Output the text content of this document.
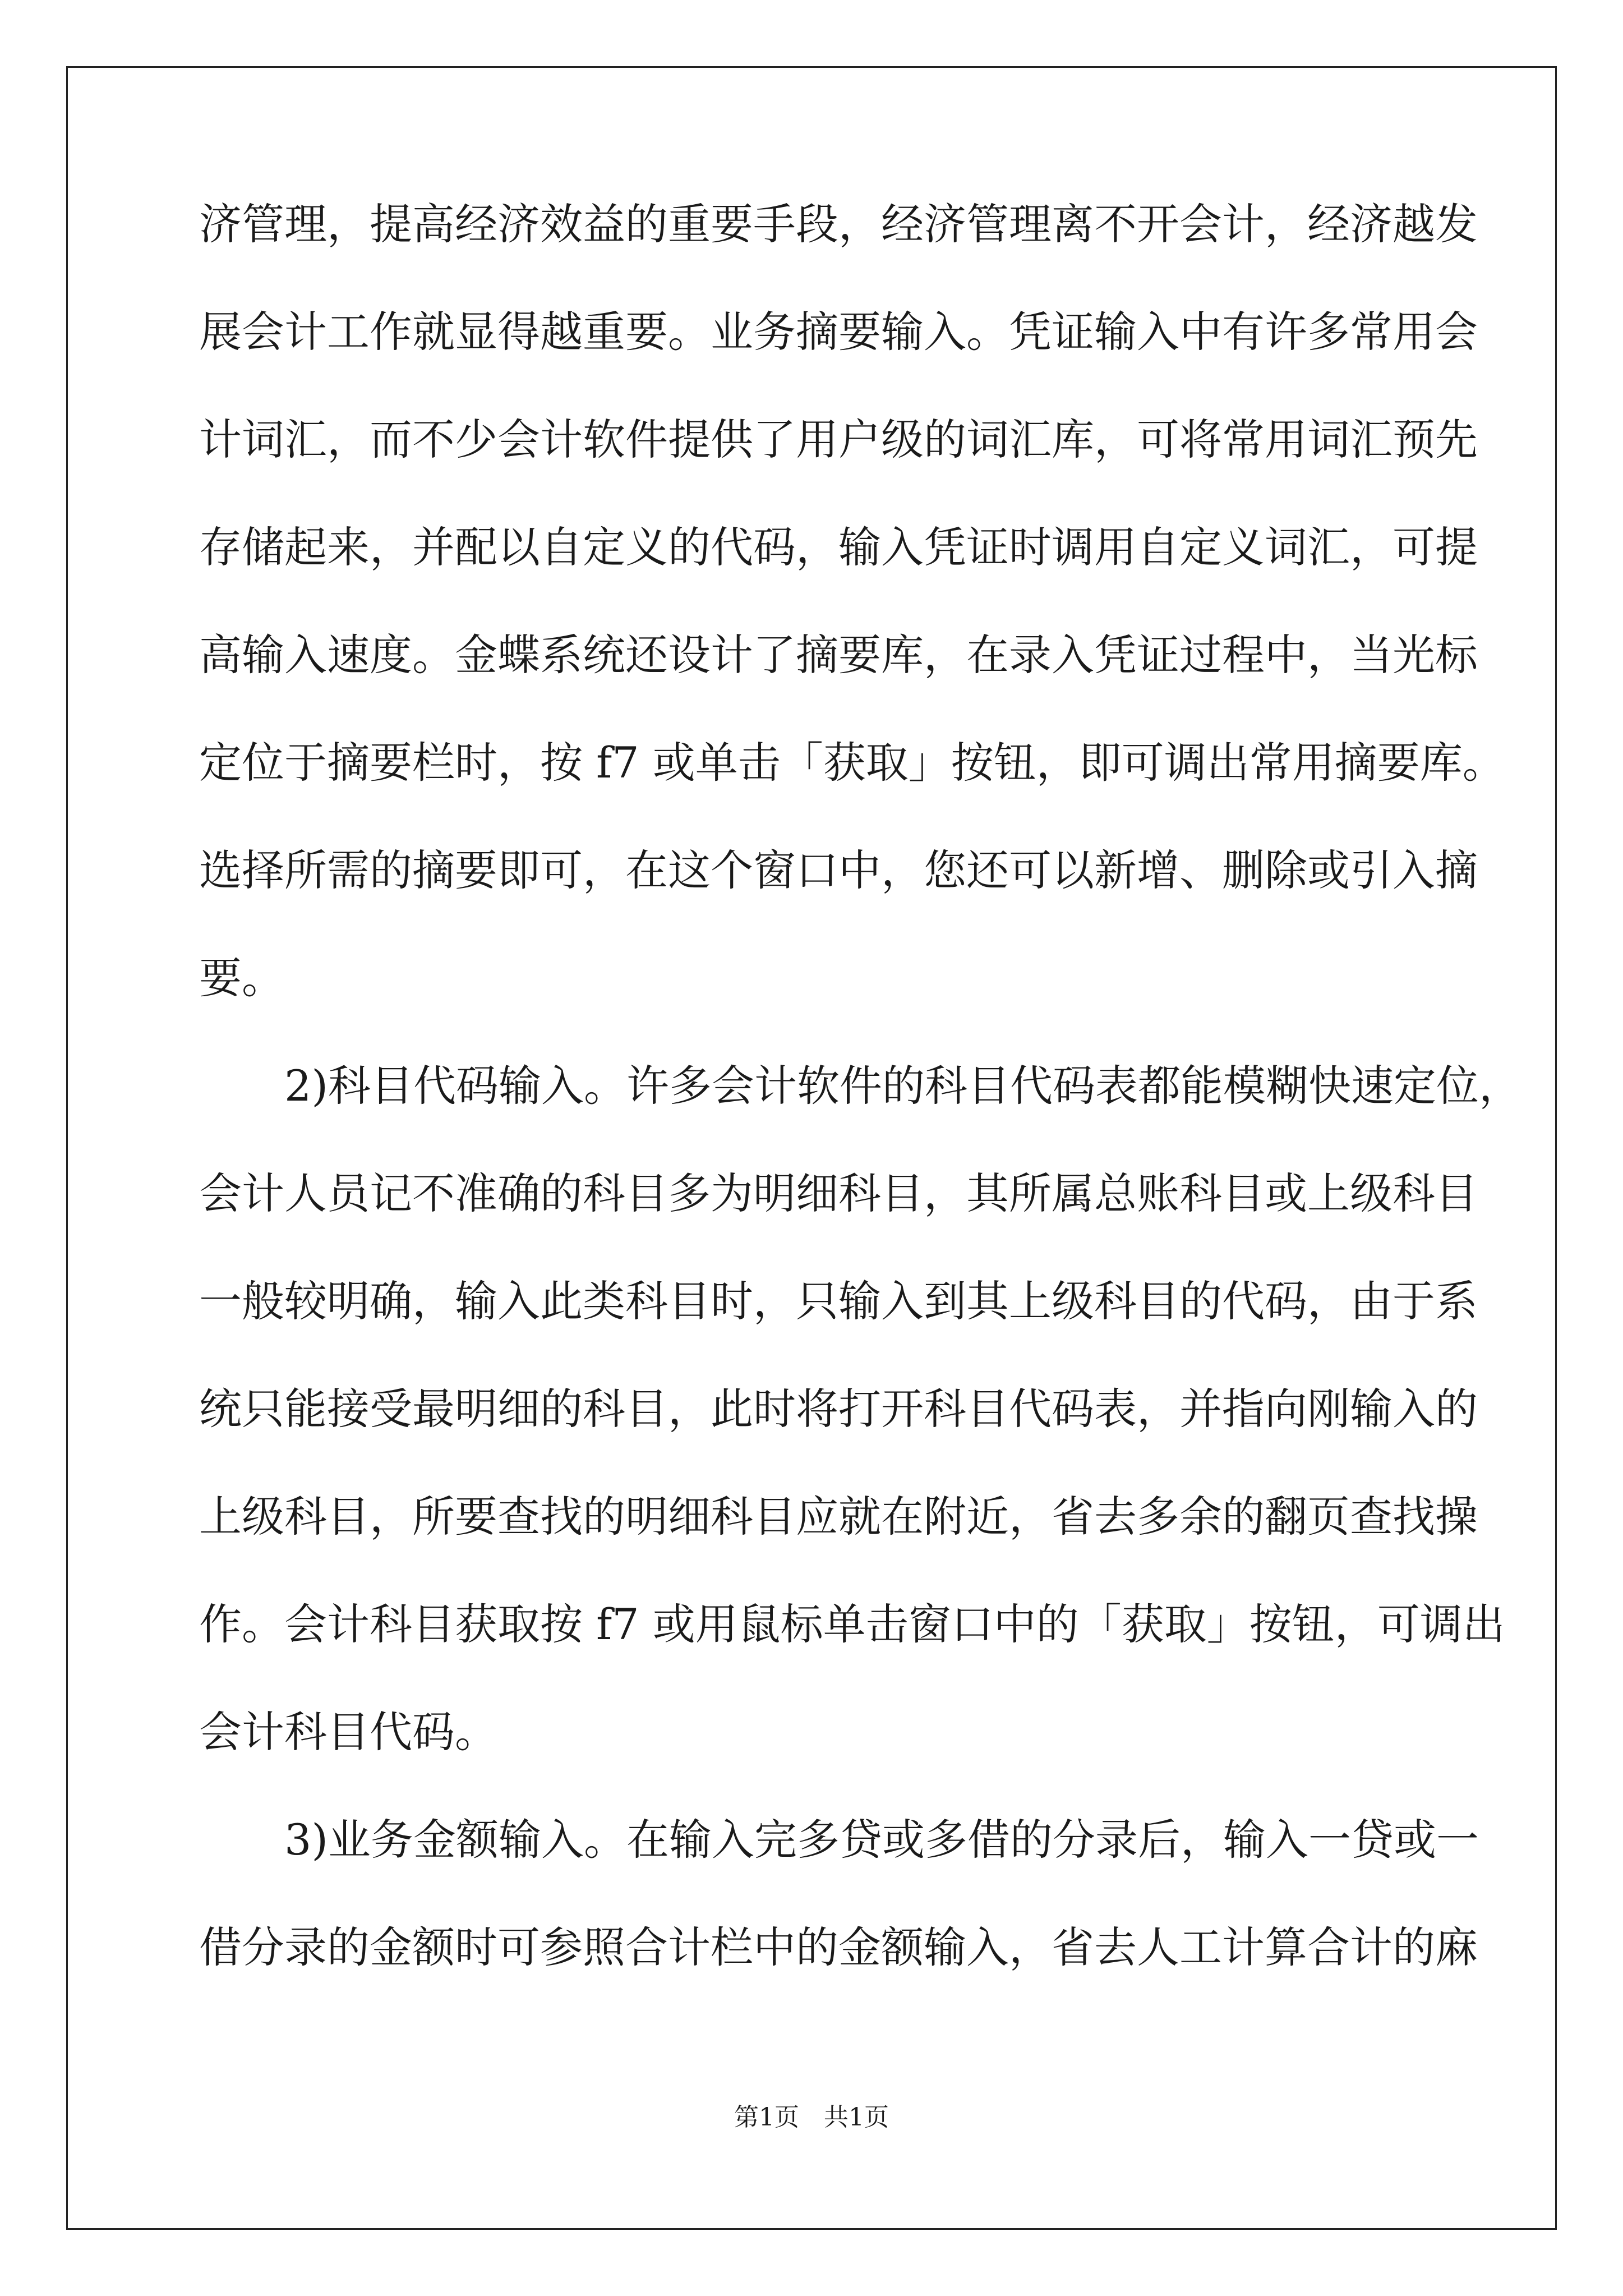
济管理，提高经济效益的重要手段，经济管理离不开会计，经济越发
展会计工作就显得越重要。业务摘要输入。凭证输入中有许多常用会
计词汇，而不少会计软件提供了用户级的词汇库，可将常用词汇预先
存储起来，并配以自定义的代码，输入凭证时调用自定义词汇，可提
高输入速度。金蝶系统还设计了摘要库，在录入凭证过程中，当光标
定位于摘要栏时，按 f7 或单击「获取」按钮，即可调出常用摘要库。
选择所需的摘要即可，在这个窗口中，您还可以新增、删除或引入摘
要。
　　2)科目代码输入。许多会计软件的科目代码表都能模糊快速定位，
会计人员记不准确的科目多为明细科目，其所属总账科目或上级科目
一般较明确，输入此类科目时，只输入到其上级科目的代码，由于系
统只能接受最明细的科目，此时将打开科目代码表，并指向刚输入的
上级科目，所要查找的明细科目应就在附近，省去多余的翻页查找操
作。会计科目获取按 f7 或用鼠标单击窗口中的「获取」按钮，可调出
会计科目代码。
　　3)业务金额输入。在输入完多贷或多借的分录后，输入一贷或一
借分录的金额时可参照合计栏中的金额输入，省去人工计算合计的麻
第1页　共1页
